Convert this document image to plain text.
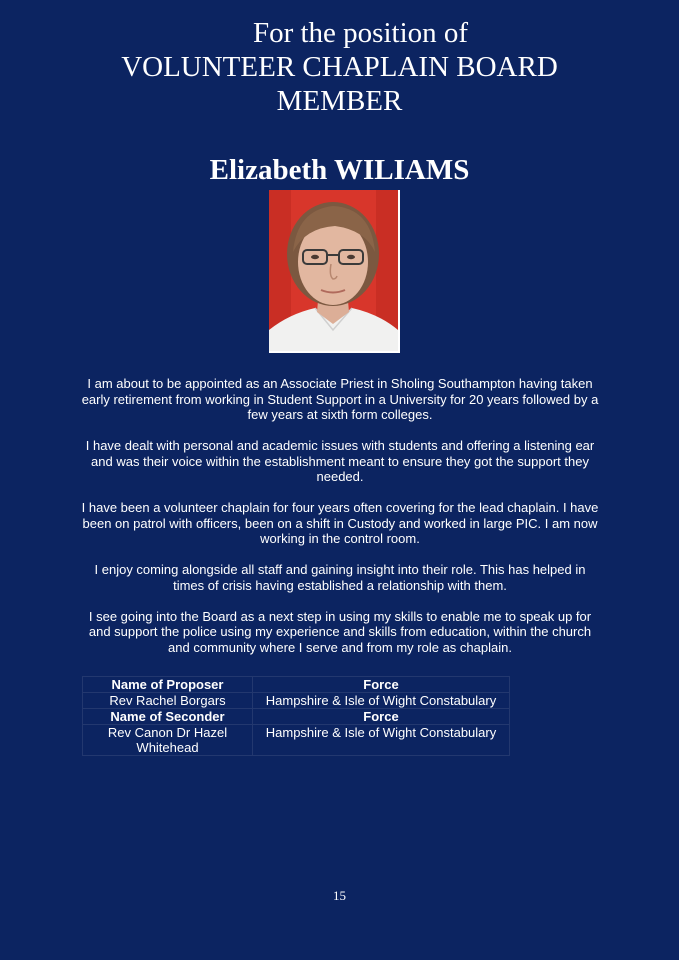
For the position of
VOLUNTEER CHAPLAIN BOARD
MEMBER
Elizabeth WILIAMS

I am about to be appointed as an Associate Priest in Sholing Southampton having taken early retirement from working in Student Support in a University for 20 years followed by a few years at sixth form colleges.

I have dealt with personal and academic issues with students and offering a listening ear and was their voice within the establishment meant to ensure they got the support they needed.

I have been a volunteer chaplain for four years often covering for the lead chaplain. I have been on patrol with officers, been on a shift in Custody and worked in large PIC. I am now working in the control room.

I enjoy coming alongside all staff and gaining insight into their role. This has helped in times of crisis having established a relationship with them.

I see going into the Board as a next step in using my skills to enable me to speak up for and support the police using my experience and skills from education, within the church and community where I serve and from my role as chaplain.

Name of Proposer	Force
Rev Rachel Borgars	Hampshire & Isle of Wight Constabulary
Name of Seconder	Force

Rev Canon Dr Hazel
Whitehead	Hampshire & Isle of Wight Constabulary
15
